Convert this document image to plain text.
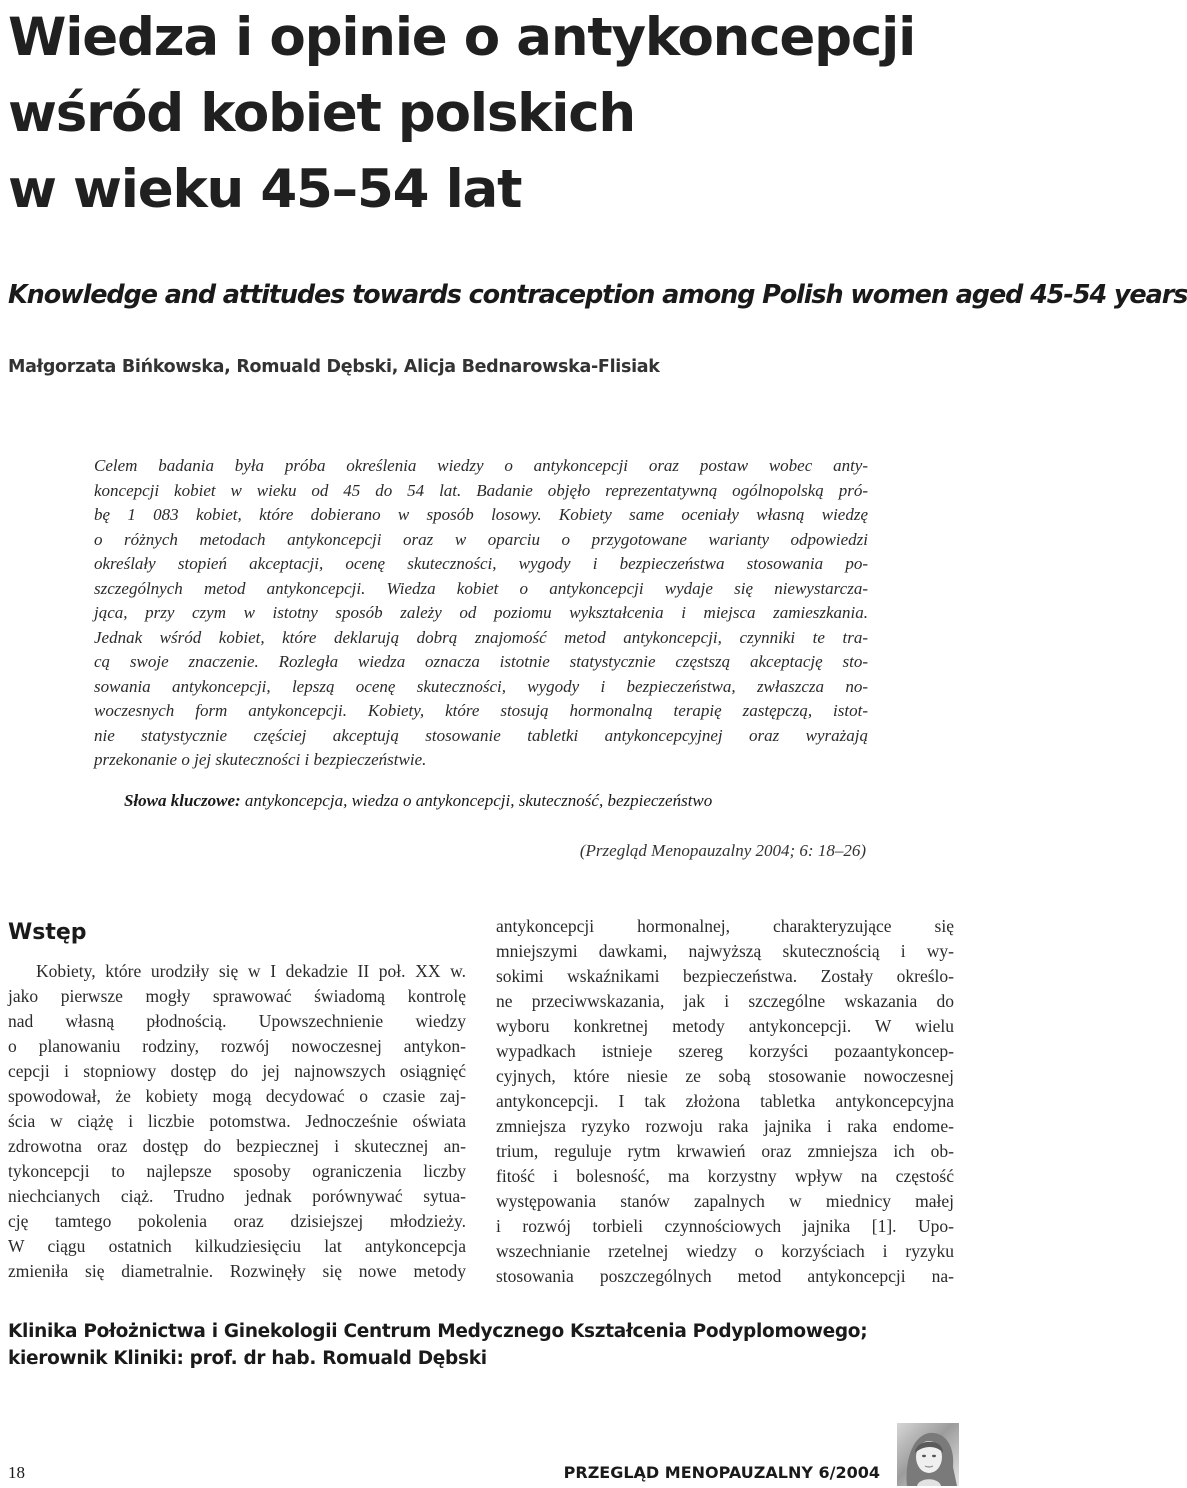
Wiedza i opinie o antykoncepcji
wśród kobiet polskich
w wieku 45–54 lat
Knowledge and attitudes towards contraception among Polish women aged 45-54 years

Małgorzata Bińkowska, Romuald Dębski, Alicja Bednarowska-Flisiak

Celem badania była próba określenia wiedzy o antykoncepcji oraz postaw wobec anty-
koncepcji kobiet w wieku od 45 do 54 lat. Badanie objęło reprezentatywną ogólnopolską pró-
bę 1 083 kobiet, które dobierano w sposób losowy. Kobiety same oceniały własną wiedzę
o różnych metodach antykoncepcji oraz w oparciu o przygotowane warianty odpowiedzi
określały stopień akceptacji, ocenę skuteczności, wygody i bezpieczeństwa stosowania po-
szczególnych metod antykoncepcji. Wiedza kobiet o antykoncepcji wydaje się niewystarcza-
jąca, przy czym w istotny sposób zależy od poziomu wykształcenia i miejsca zamieszkania.
Jednak wśród kobiet, które deklarują dobrą znajomość metod antykoncepcji, czynniki te tra-
cą swoje znaczenie. Rozległa wiedza oznacza istotnie statystycznie częstszą akceptację sto-
sowania antykoncepcji, lepszą ocenę skuteczności, wygody i bezpieczeństwa, zwłaszcza no-
woczesnych form antykoncepcji. Kobiety, które stosują hormonalną terapię zastępczą, istot-
nie statystycznie częściej akceptują stosowanie tabletki antykoncepcyjnej oraz wyrażają
przekonanie o jej skuteczności i bezpieczeństwie.

Słowa kluczowe: antykoncepcja, wiedza o antykoncepcji, skuteczność, bezpieczeństwo

(Przegląd Menopauzalny 2004; 6: 18–26)

Wstęp
Kobiety, które urodziły się w I dekadzie II poł. XX w.
jako pierwsze mogły sprawować świadomą kontrolę
nad własną płodnością. Upowszechnienie wiedzy
o planowaniu rodziny, rozwój nowoczesnej antykon-
cepcji i stopniowy dostęp do jej najnowszych osiągnięć
spowodował, że kobiety mogą decydować o czasie zaj-
ścia w ciążę i liczbie potomstwa. Jednocześnie oświata
zdrowotna oraz dostęp do bezpiecznej i skutecznej an-
tykoncepcji to najlepsze sposoby ograniczenia liczby
niechcianych ciąż. Trudno jednak porównywać sytua-
cję tamtego pokolenia oraz dzisiejszej młodzieży.
W ciągu ostatnich kilkudziesięciu lat antykoncepcja
zmieniła się diametralnie. Rozwinęły się nowe metody
antykoncepcji hormonalnej, charakteryzujące się
mniejszymi dawkami, najwyższą skutecznością i wy-
sokimi wskaźnikami bezpieczeństwa. Zostały określo-
ne przeciwwskazania, jak i szczególne wskazania do
wyboru konkretnej metody antykoncepcji. W wielu
wypadkach istnieje szereg korzyści pozaantykoncep-
cyjnych, które niesie ze sobą stosowanie nowoczesnej
antykoncepcji. I tak złożona tabletka antykoncepcyjna
zmniejsza ryzyko rozwoju raka jajnika i raka endome-
trium, reguluje rytm krwawień oraz zmniejsza ich ob-
fitość i bolesność, ma korzystny wpływ na częstość
występowania stanów zapalnych w miednicy małej
i rozwój torbieli czynnościowych jajnika [1]. Upo-
wszechnianie rzetelnej wiedzy o korzyściach i ryzyku
stosowania poszczególnych metod antykoncepcji na-
Klinika Położnictwa i Ginekologii Centrum Medycznego Kształcenia Podyplomowego;
kierownik Kliniki: prof. dr hab. Romuald Dębski

18	PRZEGLĄD MENOPAUZALNY 6/2004
